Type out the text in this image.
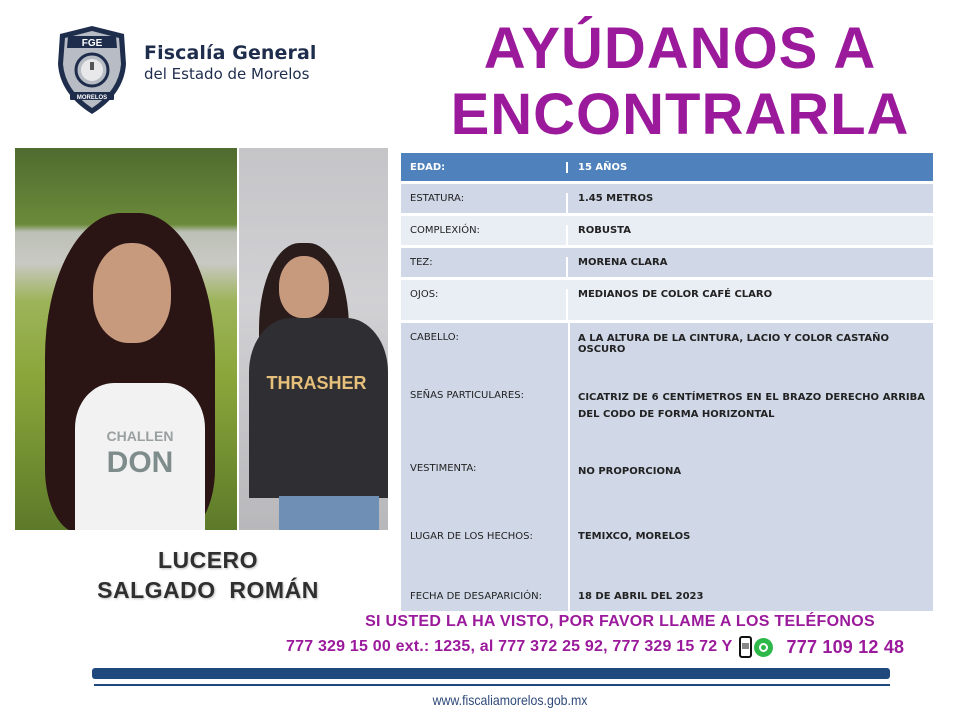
FGE
MORELOS
Fiscalía General
del Estado de Morelos	AYÚDANOS A
ENCONTRARLA
CHALLEN
DON
THRASHER
LUCERO
SALGADO  ROMÁN
EDAD:	15 AÑOS
ESTATURA:	1.45 METROS
COMPLEXIÓN:	ROBUSTA
TEZ:	MORENA CLARA
OJOS:	MEDIANOS DE COLOR CAFÉ CLARO
CABELLO:	A LA ALTURA DE LA CINTURA, LACIO Y COLOR CASTAÑO OSCURO
SEÑAS PARTICULARES:	CICATRIZ DE 6 CENTÍMETROS EN EL BRAZO DERECHO ARRIBA DEL CODO DE FORMA HORIZONTAL
VESTIMENTA:	NO PROPORCIONA
LUGAR DE LOS HECHOS:	TEMIXCO, MORELOS
FECHA DE DESAPARICIÓN:	18 DE ABRIL DEL 2023
SI USTED LA HA VISTO, POR FAVOR LLAME A LOS TELÉFONOS
777 329 15 00 ext.: 1235, al 777 372 25 92, 777 329 15 72 Y	777 109 12 48
www.fiscaliamorelos.gob.mx
